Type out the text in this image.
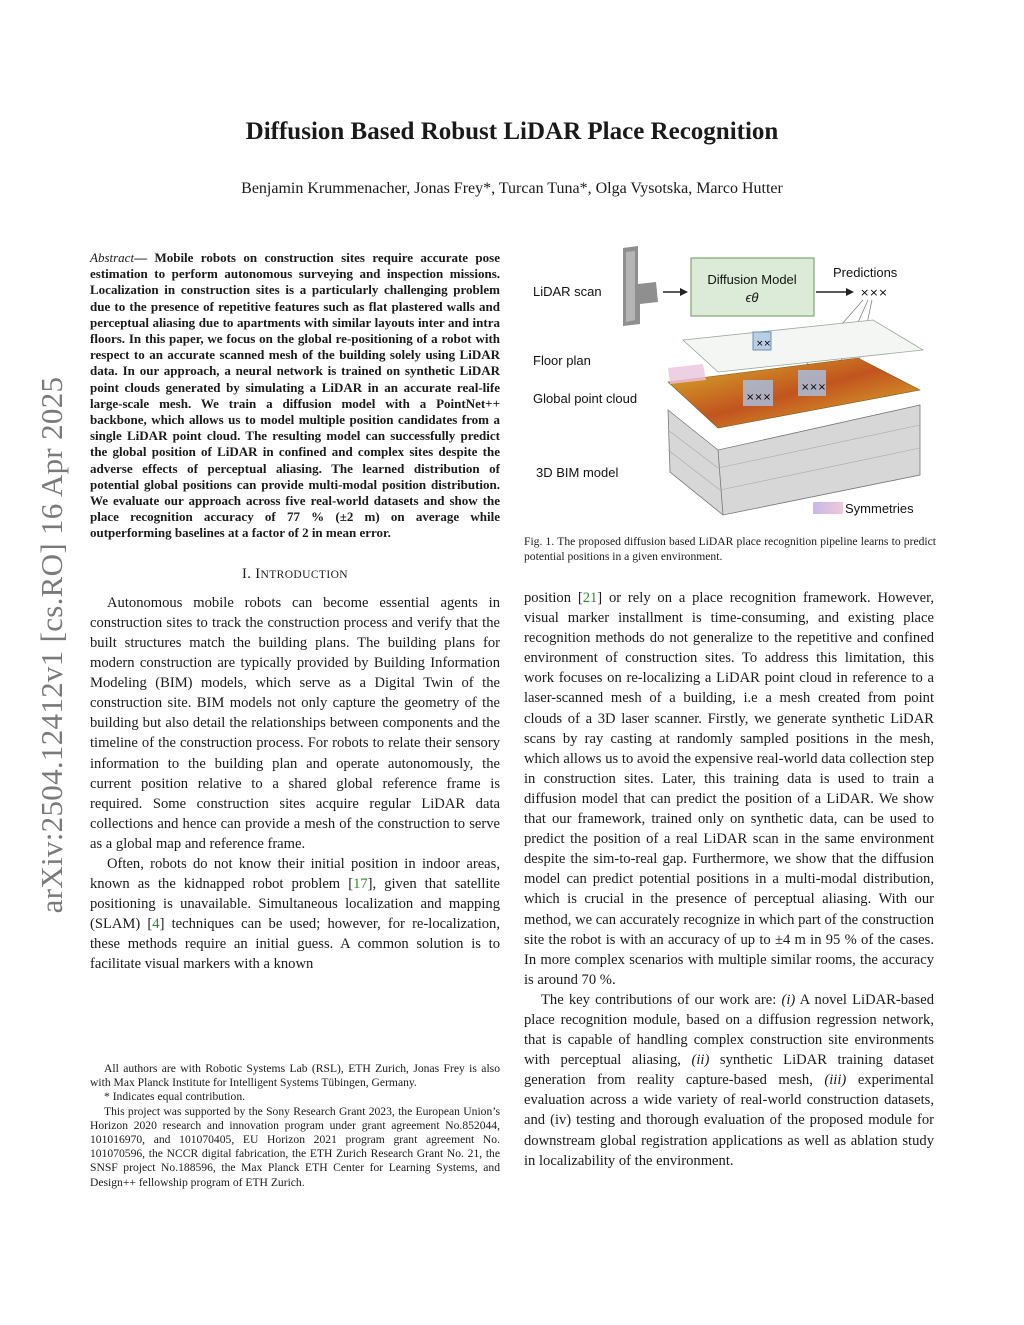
arXiv:2504.12412v1 [cs.RO] 16 Apr 2025
Diffusion Based Robust LiDAR Place Recognition
Benjamin Krummenacher, Jonas Frey*, Turcan Tuna*, Olga Vysotska, Marco Hutter
Abstract— Mobile robots on construction sites require accurate pose estimation to perform autonomous surveying and inspection missions. Localization in construction sites is a particularly challenging problem due to the presence of repetitive features such as flat plastered walls and perceptual aliasing due to apartments with similar layouts inter and intra floors. In this paper, we focus on the global re-positioning of a robot with respect to an accurate scanned mesh of the building solely using LiDAR data. In our approach, a neural network is trained on synthetic LiDAR point clouds generated by simulating a LiDAR in an accurate real-life large-scale mesh. We train a diffusion model with a PointNet++ backbone, which allows us to model multiple position candidates from a single LiDAR point cloud. The resulting model can successfully predict the global position of LiDAR in confined and complex sites despite the adverse effects of perceptual aliasing. The learned distribution of potential global positions can provide multi-modal position distribution. We evaluate our approach across five real-world datasets and show the place recognition accuracy of 77 % (±2 m) on average while outperforming baselines at a factor of 2 in mean error.
I. INTRODUCTION

Autonomous mobile robots can become essential agents in construction sites to track the construction process and verify that the built structures match the building plans. The building plans for modern construction are typically provided by Building Information Modeling (BIM) models, which serve as a Digital Twin of the construction site. BIM models not only capture the geometry of the building but also detail the relationships between components and the timeline of the construction process. For robots to relate their sensory information to the building plan and operate autonomously, the current position relative to a shared global reference frame is required. Some construction sites acquire regular LiDAR data collections and hence can provide a mesh of the construction to serve as a global map and reference frame.

Often, robots do not know their initial position in indoor areas, known as the kidnapped robot problem [17], given that satellite positioning is unavailable. Simultaneous localization and mapping (SLAM) [4] techniques can be used; however, for re-localization, these methods require an initial guess. A common solution is to facilitate visual markers with a known

All authors are with Robotic Systems Lab (RSL), ETH Zurich, Jonas Frey is also with Max Planck Institute for Intelligent Systems Tübingen, Germany.

* Indicates equal contribution.

This project was supported by the Sony Research Grant 2023, the European Union’s Horizon 2020 research and innovation program under grant agreement No.852044, 101016970, and 101070405, EU Horizon 2021 program grant agreement No. 101070596, the NCCR digital fabrication, the ETH Zurich Research Grant No. 21, the SNSF project No.188596, the Max Planck ETH Center for Learning Systems, and Design++ fellowship program of ETH Zurich.

LiDAR scan
Diffusion Model
ϵθ
Predictions
×××
××
Floor plan
×××
×××
Global point cloud
3D BIM model
Symmetries
Fig. 1. The proposed diffusion based LiDAR place recognition pipeline learns to predict potential positions in a given environment.

position [21] or rely on a place recognition framework. However, visual marker installment is time-consuming, and existing place recognition methods do not generalize to the repetitive and confined environment of construction sites. To address this limitation, this work focuses on re-localizing a LiDAR point cloud in reference to a laser-scanned mesh of a building, i.e a mesh created from point clouds of a 3D laser scanner. Firstly, we generate synthetic LiDAR scans by ray casting at randomly sampled positions in the mesh, which allows us to avoid the expensive real-world data collection step in construction sites. Later, this training data is used to train a diffusion model that can predict the position of a LiDAR. We show that our framework, trained only on synthetic data, can be used to predict the position of a real LiDAR scan in the same environment despite the sim-to-real gap. Furthermore, we show that the diffusion model can predict potential positions in a multi-modal distribution, which is crucial in the presence of perceptual aliasing. With our method, we can accurately recognize in which part of the construction site the robot is with an accuracy of up to ±4 m in 95 % of the cases. In more complex scenarios with multiple similar rooms, the accuracy is around 70 %.

The key contributions of our work are: (i) A novel LiDAR-based place recognition module, based on a diffusion regression network, that is capable of handling complex construction site environments with perceptual aliasing, (ii) synthetic LiDAR training dataset generation from reality capture-based mesh, (iii) experimental evaluation across a wide variety of real-world construction datasets, and (iv) testing and thorough evaluation of the proposed module for downstream global registration applications as well as ablation study in localizability of the environment.
